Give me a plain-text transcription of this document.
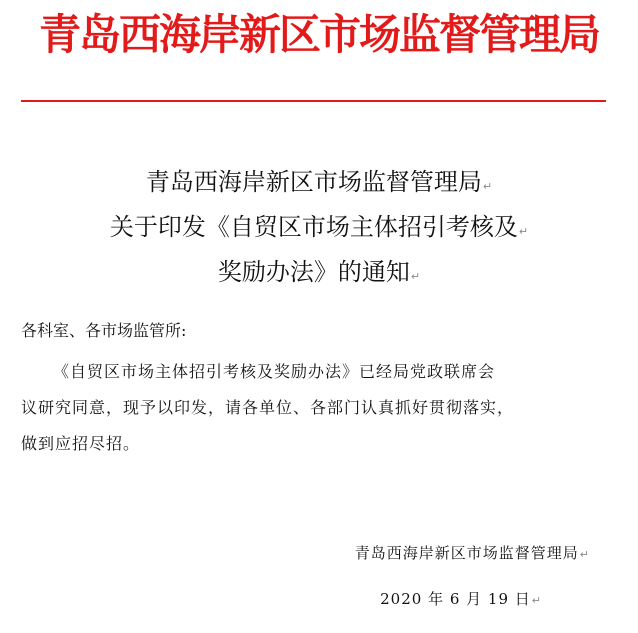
青岛西海岸新区市场监督管理局
青岛西海岸新区市场监督管理局↵
关于印发《自贸区市场主体招引考核及↵
奖励办法》的通知↵
各科室、各市场监管所:
《自贸区市场主体招引考核及奖励办法》已经局党政联席会
议研究同意，现予以印发，请各单位、各部门认真抓好贯彻落实，
做到应招尽招。
青岛西海岸新区市场监督管理局↵
2020 年 6 月 19 日↵
